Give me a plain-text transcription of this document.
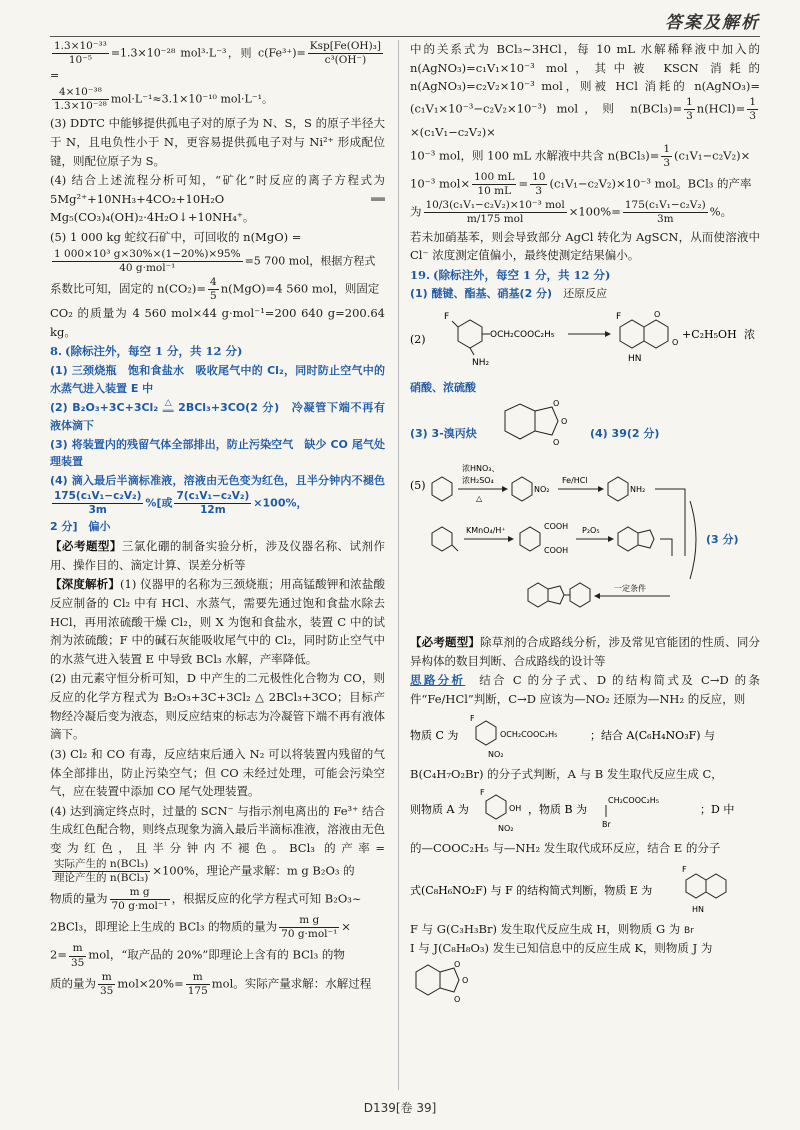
答案及解析

$\frac{\text{1.3×10⁻³³}}{\text{10⁻⁵}} =1.3\times 10^{-28}$ mol³·L⁻³，则 $c(Fe^{3+})= \frac{\text{Ksp[Fe(OH)₃]}}{\text{c³(OH⁻)}}$
=

$\frac{\text{4×10⁻³⁸}}{\text{1.3×10⁻²⁸}} mol\cdot L^{-1}\approx 3.1\times 10^{-10}$ mol·L⁻¹。

(3) DDTC 中能够提供孤电子对的原子为 N、S，S 的原子半径大于 N，且电负性小于 N，更容易提供孤电子对与 Ni²⁺ 形成配位键，则配位原子为 S。

(4) 结合上述流程分析可知，“矿化”时反应的离子方程式为 5Mg²⁺+10NH₃+4CO₂+10H₂O ══ Mg₅(CO₃)₄(OH)₂·4H₂O↓+10NH₄⁺。

(5) 1 000 kg 蛇纹石矿中，可回收的 n(MgO) =

$\frac{\text{1 000×10³ g×30\%×(1−20\%)×95\%}}{\text{40 g·mol⁻¹}} =5$ 700 mol，根据方程式

系数比可知，固定的 $n(CO_2)= \frac{4}{5} n(MgO)=4$ 560 mol，则固定

CO₂ 的质量为 4 560 mol×44 g·mol⁻¹=200 640 g=200.64 kg。

8. (除标注外，每空 1 分，共 12 分)

(1) 三颈烧瓶　饱和食盐水　吸收尾气中的 Cl₂，同时防止空气中的水蒸气进入装置 E 中

(2) B₂O₃+3C+3Cl₂ △
══ 2BCl₃+3CO(2 分)　冷凝管下端不再有液体滴下

(3) 将装置内的残留气体全部排出，防止污染空气　缺少 CO 尾气处理装置

(4) 滴入最后半滴标准液，溶液由无色变为红色，且半分钟内不褪色
$\frac{\text{175(c₁V₁−c₂V₂)}}{3m}$ %[或 $\frac{\text{7(c₁V₁−c₂V₂)}}{12m} \times 100\%$，

2 分]　偏小

【必考题型】三氯化硼的制备实验分析，涉及仪器名称、试剂作用、操作目的、滴定计算、误差分析等

【深度解析】(1) 仪器甲的名称为三颈烧瓶；用高锰酸钾和浓盐酸反应制备的 Cl₂ 中有 HCl、水蒸气，需要先通过饱和食盐水除去 HCl，再用浓硫酸干燥 Cl₂，则 X 为饱和食盐水，装置 C 中的试剂为浓硫酸；F 中的碱石灰能吸收尾气中的 Cl₂，同时防止空气中的水蒸气进入装置 E 中导致 BCl₃ 水解，产率降低。

(2) 由元素守恒分析可知，D 中产生的二元极性化合物为 CO，则反应的化学方程式为 B₂O₃+3C+3Cl₂ △ 2BCl₃+3CO；目标产物经冷凝后变为液态，则反应结束的标志为冷凝管下端不再有液体滴下。

(3) Cl₂ 和 CO 有毒，反应结束后通入 N₂ 可以将装置内残留的气体全部排出，防止污染空气；但 CO 未经过处理，可能会污染空气，应在装置中添加 CO 尾气处理装置。

(4) 达到滴定终点时，过量的 SCN⁻ 与指示剂电离出的 Fe³⁺ 结合生成红色配合物，则终点现象为滴入最后半滴标准液，溶液由无色变为红色，且半分钟内不褪色。BCl₃ 的产率=
$\frac{\text{实际产生的 n(BCl₃)}}{\text{理论产生的 n(BCl₃)}} \times 100\%$，理论产量求解：m g B₂O₃ 的

物质的量为 $\frac{\text{m g}}{\text{70 g·mol⁻¹}}$ ，根据反应的化学方程式可知 B₂O₃~

2BCl₃，即理论上生成的 BCl₃ 的物质的量为 $\frac{\text{m g}}{\text{70 g·mol⁻¹}}$ ×

$2= \frac{m}{35}$ mol，“取产品的 20%”即理论上含有的 BCl₃ 的物

质的量为 $\frac{m}{35} mol\times 20\%= \frac{m}{175}$ mol。实际产量求解：水解过程

中的关系式为 BCl₃~3HCl，每 10 mL 水解稀释液中加入的 n(AgNO₃)=c₁V₁×10⁻³ mol，其中被 KSCN 消耗的 n(AgNO₃)=c₂V₂×10⁻³ mol，则被 HCl 消耗的 n(AgNO₃)=(c₁V₁×10⁻³−c₂V₂×10⁻³) mol，则 $n(BCl_3)= \frac{1}{3} n(HCl)= \frac{1}{3}$
×(c₁V₁−c₂V₂)×

10⁻³ mol，则 100 mL 水解液中共含 $n(BCl_3)= \frac{1}{3} (c_1V_1-c_2V_2)\times$

10⁻³ $mol\times \frac{100 mL}{10 mL} = \frac{10}{3} (c_1V_1-c_2V_2)\times 10^{-3}$ mol。BCl₃ 的产率

为 $\frac{\text{10/3(c₁V₁−c₂V₂)×10⁻³ mol}}{\text{m/175 mol}} \times 100\%= \frac{\text{175(c₁V₁−c₂V₂)}}{3m}$ %。

若未加硝基苯，则会导致部分 AgCl 转化为 AgSCN，从而使溶液中 Cl⁻ 浓度测定值偏小，最终使测定结果偏小。

19. (除标注外，每空 1 分，共 12 分)

(1) 醚键、酯基、硝基(2 分)　 还原反应

(2)
F
OCH₂COOC₂H₅
NH₂
O
O
HN
F
+C₂H₅OH 浓

硝酸、浓硫酸

O
O
O
(3) 3-溴丙炔	(4) 39(2 分)
(5)
浓HNO₃、
浓H₂SO₄
△
NO₂
Fe/HCl
NH₂
KMnO₄/H⁺	COOH
COOH
P₂O₅
(3 分)
一定条件

【必考题型】除草剂的合成路线分析，涉及常见官能团的性质、同分异构体的数目判断、合成路线的设计等

思路分析　 结合 C 的分子式、D 的结构简式及 C→D 的条件“Fe/HCl”判断，C→D 应该为—NO₂ 还原为—NH₂ 的反应，则

物质 C 为
F
OCH₂COOC₂H₅
NO₂
；结合 A(C₆H₄NO₃F) 与

B(C₄H₇O₂Br) 的分子式判断，A 与 B 发生取代反应生成 C，

则物质 A 为
F
OH
NO₂
，物质 B 为
CH₂COOC₂H₅
Br
；D 中

的—COOC₂H₅ 与—NH₂ 发生取代成环反应，结合 E 的分子

式(C₈H₆NO₂F) 与 F 的结构简式判断，物质 E 为
F
HN

F 与 G(C₃H₃Br) 发生取代反应生成 H，则物质 G 为 Br

I 与 J(C₈H₈O₃) 发生已知信息中的反应生成 K，则物质 J 为

O
O
O
D139[卷 39]
